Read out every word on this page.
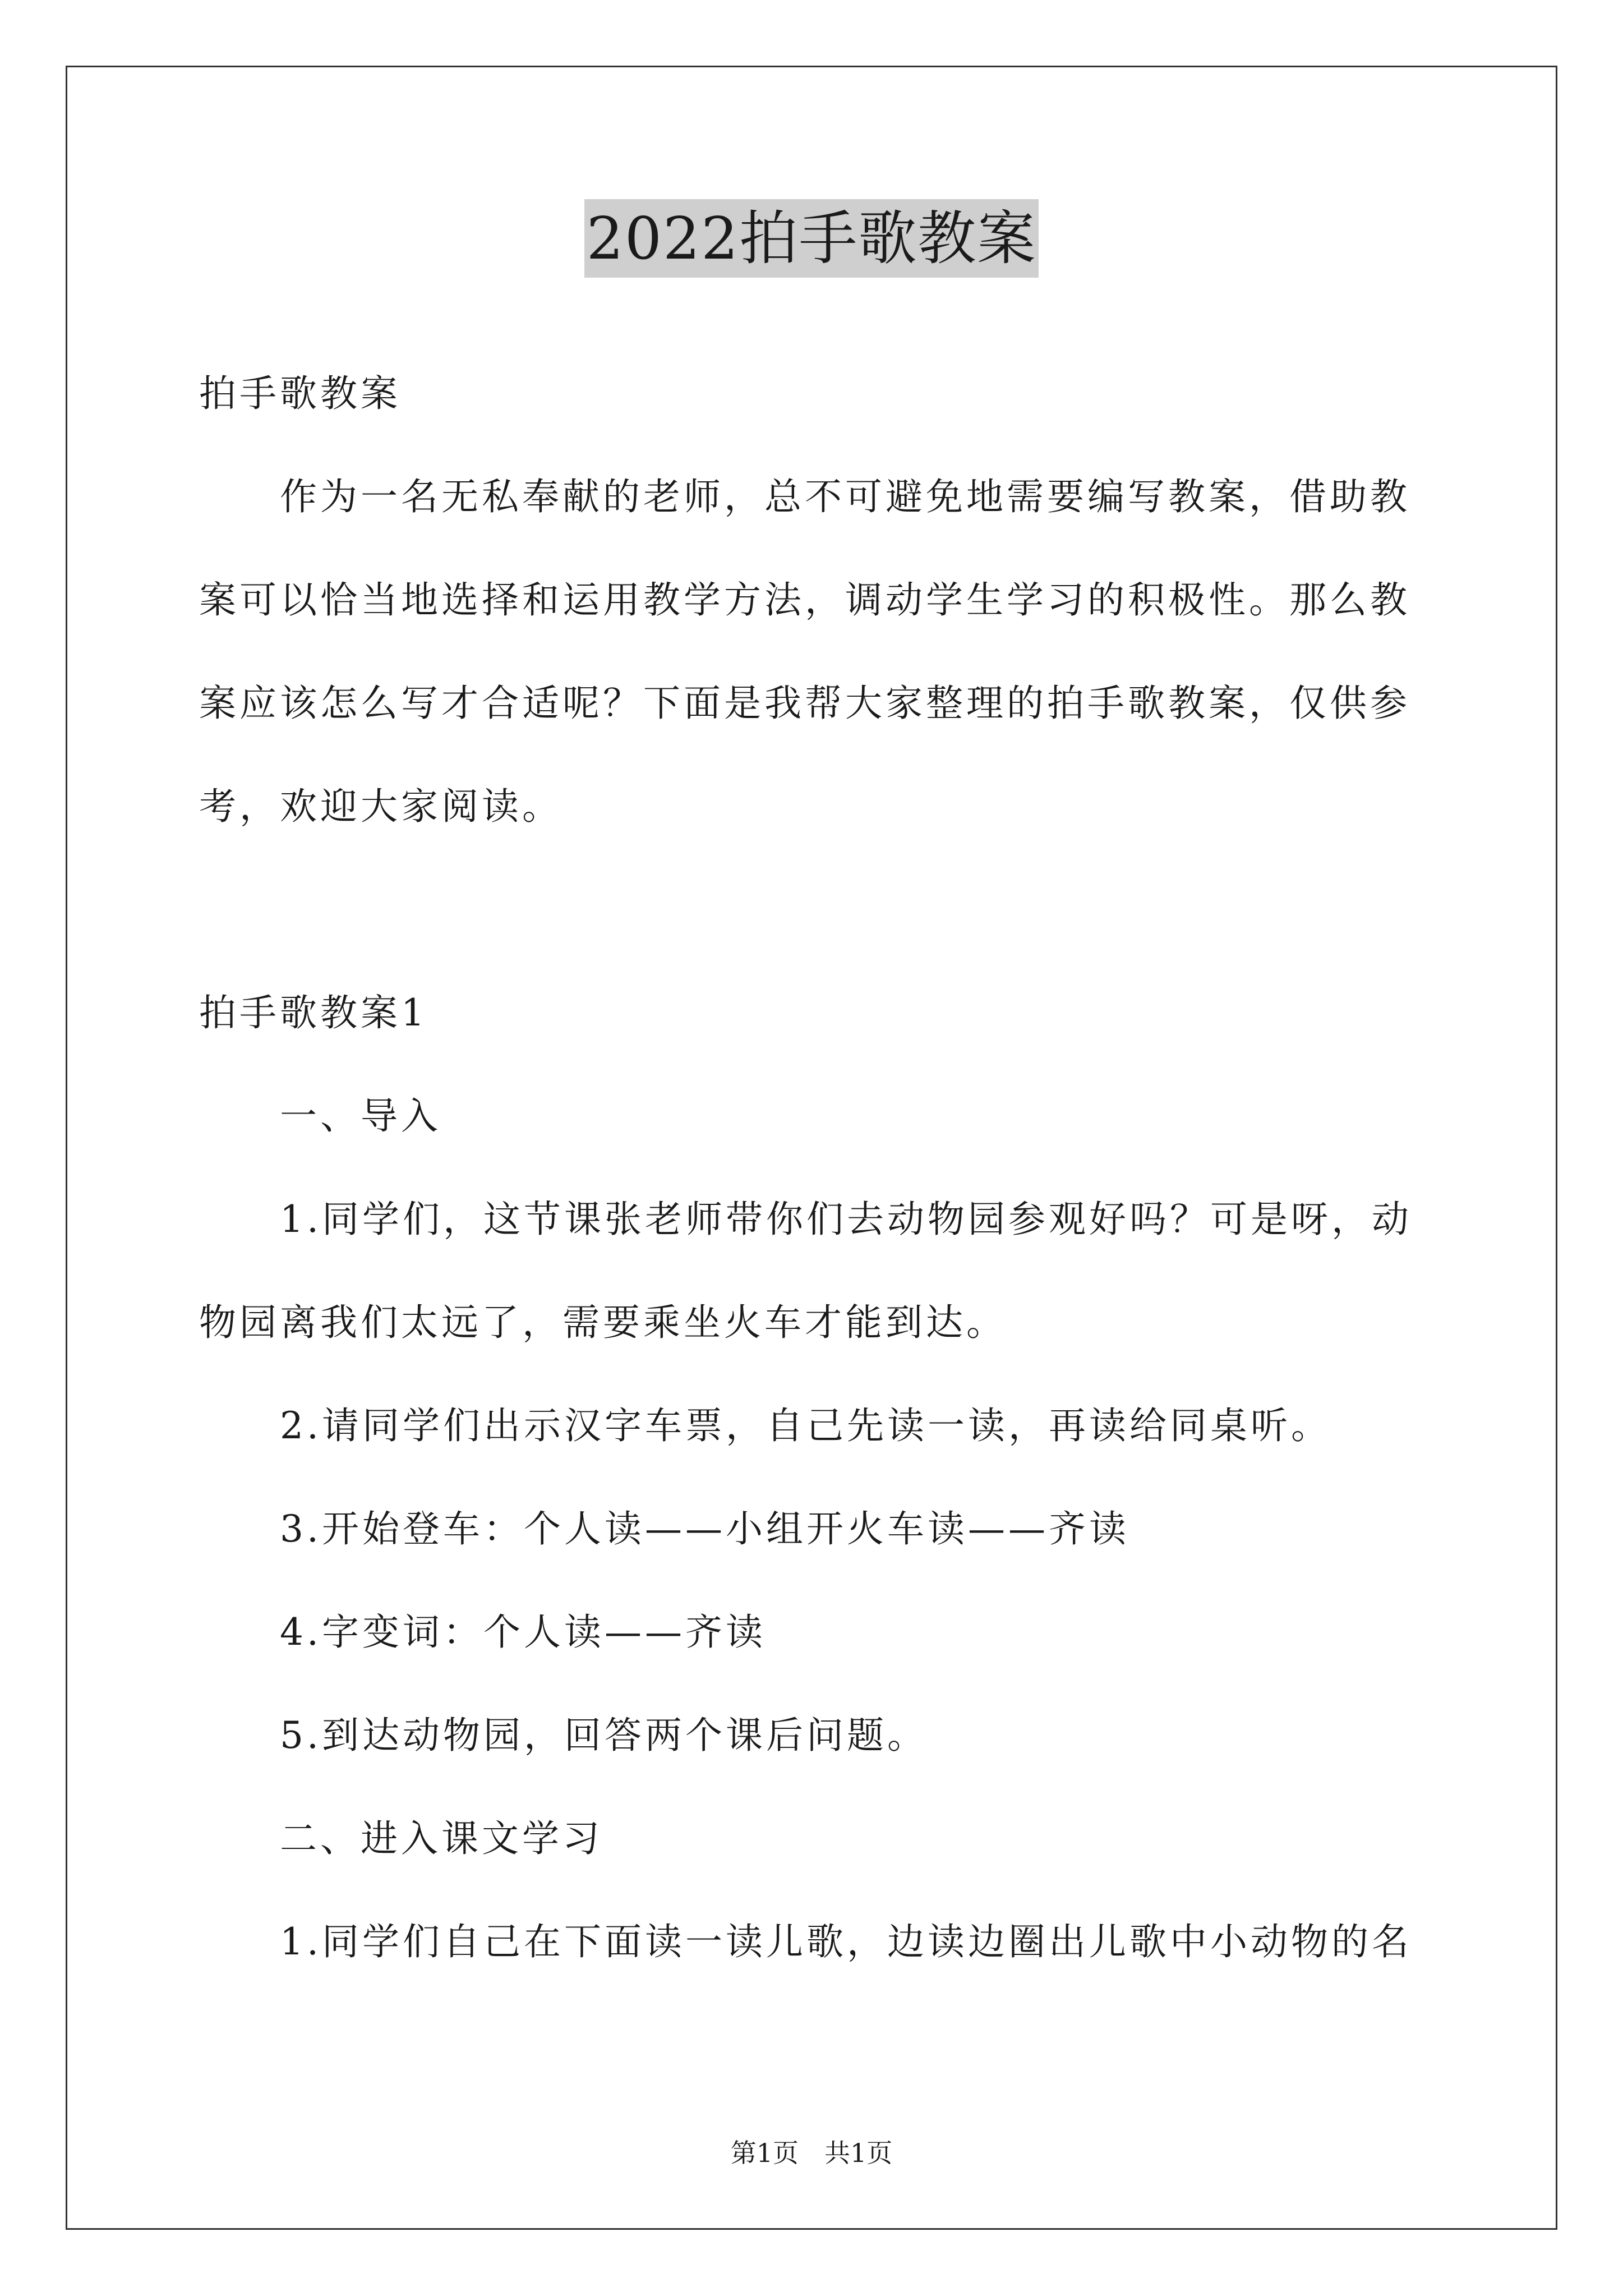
2022拍手歌教案

拍手歌教案

作为一名无私奉献的老师，总不可避免地需要编写教案，借助教

案可以恰当地选择和运用教学方法，调动学生学习的积极性。那么教

案应该怎么写才合适呢？下面是我帮大家整理的拍手歌教案，仅供参

考，欢迎大家阅读。

拍手歌教案1

一、导入

1.同学们，这节课张老师带你们去动物园参观好吗？可是呀，动

物园离我们太远了，需要乘坐火车才能到达。

2.请同学们出示汉字车票，自己先读一读，再读给同桌听。

3.开始登车：个人读——小组开火车读——齐读

4.字变词：个人读——齐读

5.到达动物园，回答两个课后问题。

二、进入课文学习

1.同学们自己在下面读一读儿歌，边读边圈出儿歌中小动物的名

第1页　共1页
